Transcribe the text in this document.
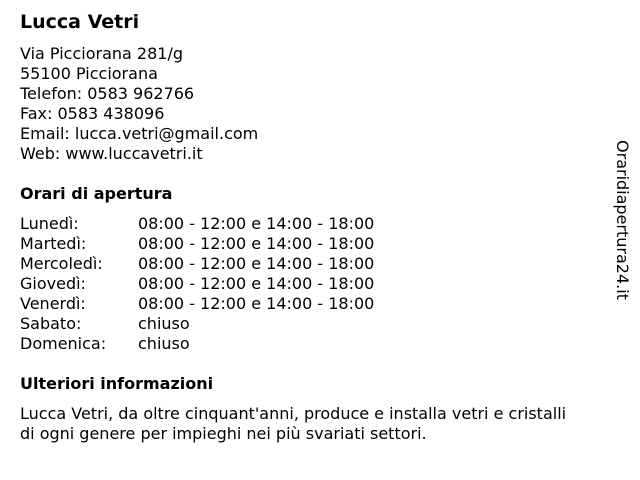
Lucca Vetri
Via Picciorana 281/g
55100 Picciorana
Telefon: 0583 962766
Fax: 0583 438096
Email: lucca.vetri@gmail.com
Web: www.luccavetri.it
Orari di apertura
Lunedì:	08:00 - 12:00 e 14:00 - 18:00
Martedì:	08:00 - 12:00 e 14:00 - 18:00
Mercoledì: 08:00 - 12:00 e 14:00 - 18:00
Giovedì:	08:00 - 12:00 e 14:00 - 18:00
Venerdì:	08:00 - 12:00 e 14:00 - 18:00
Sabato:	chiuso
Domenica: chiuso
Ulteriori informazioni
Lucca Vetri, da oltre cinquant'anni, produce e installa vetri e cristalli di ogni genere per impieghi nei più svariati settori.
Oraridiapertura24.it
